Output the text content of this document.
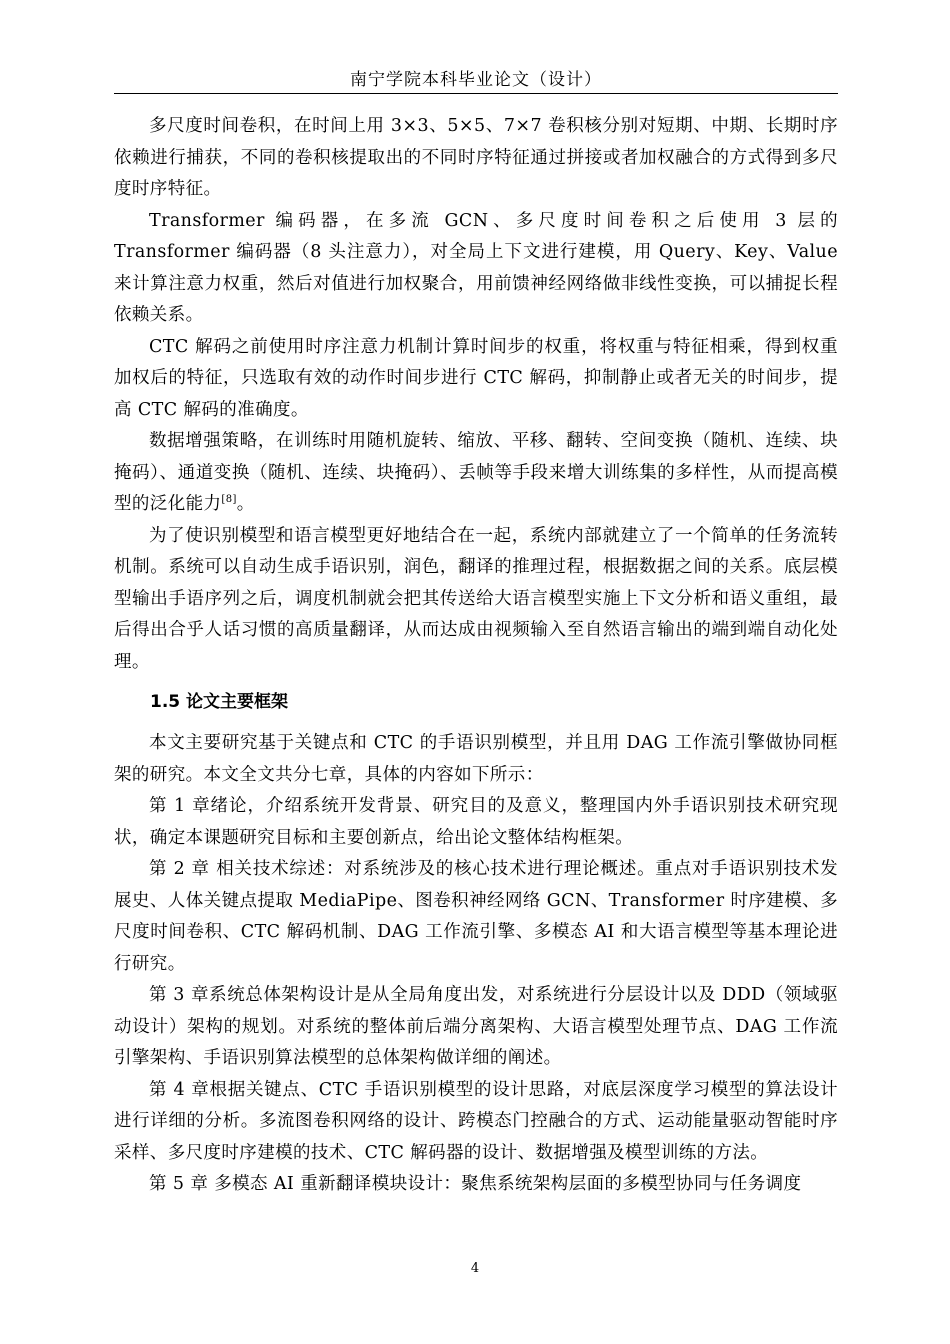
南宁学院本科毕业论文（设计）

多尺度时间卷积，在时间上用 3×3、5×5、7×7 卷积核分别对短期、中期、长期时序依赖进行捕获，不同的卷积核提取出的不同时序特征通过拼接或者加权融合的方式得到多尺度时序特征。

Transformer 编码器，在多流 GCN、多尺度时间卷积之后使用 3 层的 Transformer 编码器（8 头注意力），对全局上下文进行建模，用 Query、Key、Value 来计算注意力权重，然后对值进行加权聚合，用前馈神经网络做非线性变换，可以捕捉长程依赖关系。

CTC 解码之前使用时序注意力机制计算时间步的权重，将权重与特征相乘，得到权重加权后的特征，只选取有效的动作时间步进行 CTC 解码，抑制静止或者无关的时间步，提高 CTC 解码的准确度。

数据增强策略，在训练时用随机旋转、缩放、平移、翻转、空间变换（随机、连续、块掩码）、通道变换（随机、连续、块掩码）、丢帧等手段来增大训练集的多样性，从而提高模型的泛化能力[8]。

为了使识别模型和语言模型更好地结合在一起，系统内部就建立了一个简单的任务流转机制。系统可以自动生成手语识别，润色，翻译的推理过程，根据数据之间的关系。底层模型输出手语序列之后，调度机制就会把其传送给大语言模型实施上下文分析和语义重组，最后得出合乎人话习惯的高质量翻译，从而达成由视频输入至自然语言输出的端到端自动化处理。

1.5 论文主要框架

本文主要研究基于关键点和 CTC 的手语识别模型，并且用 DAG 工作流引擎做协同框架的研究。本文全文共分七章，具体的内容如下所示：

第 1 章绪论，介绍系统开发背景、研究目的及意义，整理国内外手语识别技术研究现状，确定本课题研究目标和主要创新点，给出论文整体结构框架。

第 2 章 相关技术综述：对系统涉及的核心技术进行理论概述。重点对手语识别技术发展史、人体关键点提取 MediaPipe、图卷积神经网络 GCN、Transformer 时序建模、多尺度时间卷积、CTC 解码机制、DAG 工作流引擎、多模态 AI 和大语言模型等基本理论进行研究。

第 3 章系统总体架构设计是从全局角度出发，对系统进行分层设计以及 DDD（领域驱动设计）架构的规划。对系统的整体前后端分离架构、大语言模型处理节点、DAG 工作流引擎架构、手语识别算法模型的总体架构做详细的阐述。

第 4 章根据关键点、CTC 手语识别模型的设计思路，对底层深度学习模型的算法设计进行详细的分析。多流图卷积网络的设计、跨模态门控融合的方式、运动能量驱动智能时序采样、多尺度时序建模的技术、CTC 解码器的设计、数据增强及模型训练的方法。

第 5 章 多模态 AI 重新翻译模块设计：聚焦系统架构层面的多模型协同与任务调度

4
